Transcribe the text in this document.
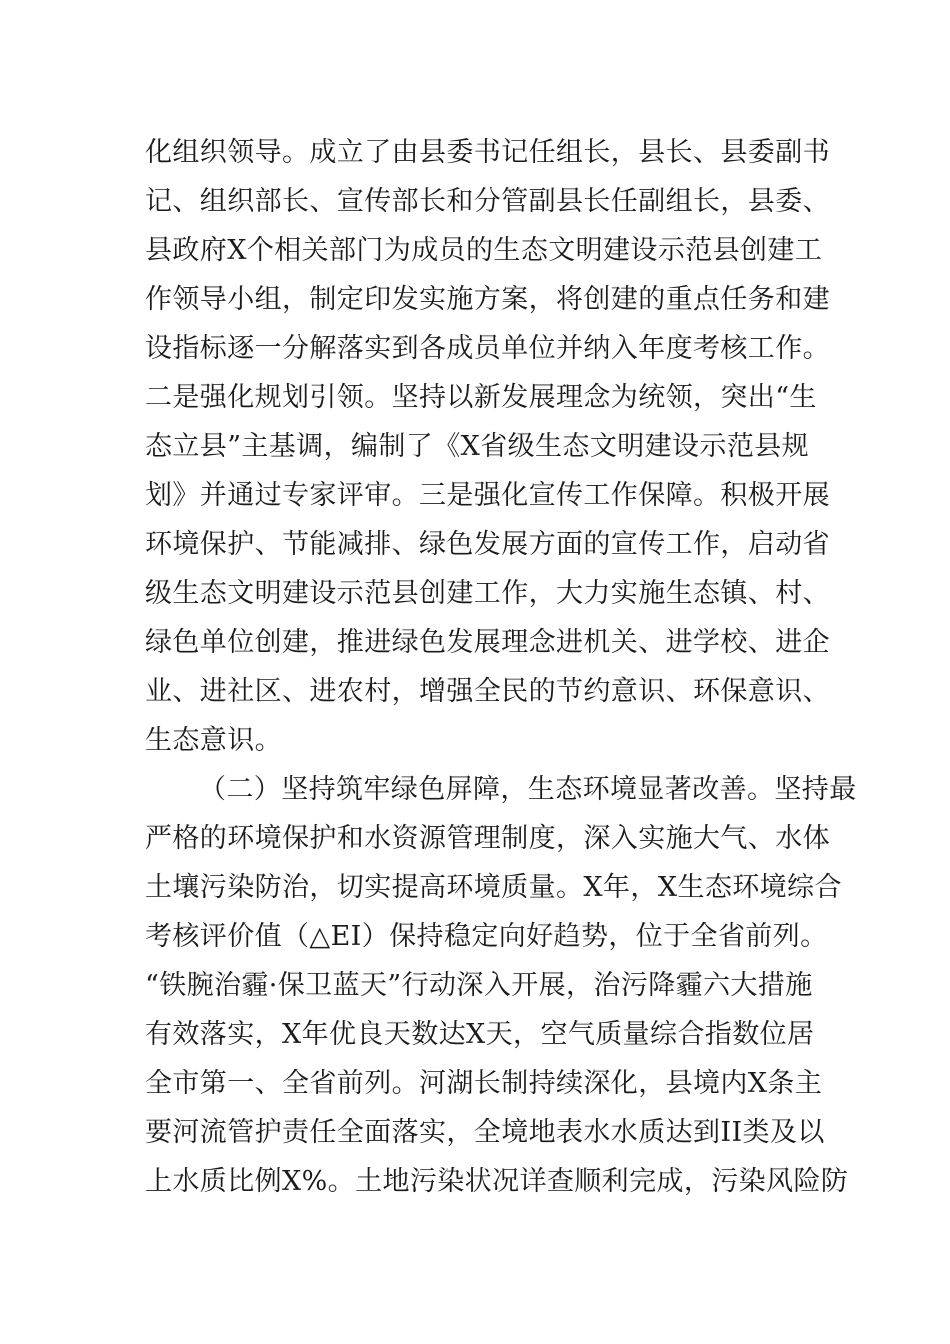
化组织领导。成立了由县委书记任组长，县长、县委副书
记、组织部长、宣传部长和分管副县长任副组长，县委、
县政府X个相关部门为成员的生态文明建设示范县创建工
作领导小组，制定印发实施方案，将创建的重点任务和建
设指标逐一分解落实到各成员单位并纳入年度考核工作。
二是强化规划引领。坚持以新发展理念为统领，突出“生
态立县”主基调，编制了《X省级生态文明建设示范县规
划》并通过专家评审。三是强化宣传工作保障。积极开展
环境保护、节能减排、绿色发展方面的宣传工作，启动省
级生态文明建设示范县创建工作，大力实施生态镇、村、
绿色单位创建，推进绿色发展理念进机关、进学校、进企
业、进社区、进农村，增强全民的节约意识、环保意识、
生态意识。
（二）坚持筑牢绿色屏障，生态环境显著改善。坚持最
严格的环境保护和水资源管理制度，深入实施大气、水体
土壤污染防治，切实提高环境质量。X年，X生态环境综合
考核评价值（△EI）保持稳定向好趋势，位于全省前列。
“铁腕治霾·保卫蓝天”行动深入开展，治污降霾六大措施
有效落实，X年优良天数达X天，空气质量综合指数位居
全市第一、全省前列。河湖长制持续深化，县境内X条主
要河流管护责任全面落实，全境地表水水质达到II类及以
上水质比例X%。土地污染状况详查顺利完成，污染风险防
